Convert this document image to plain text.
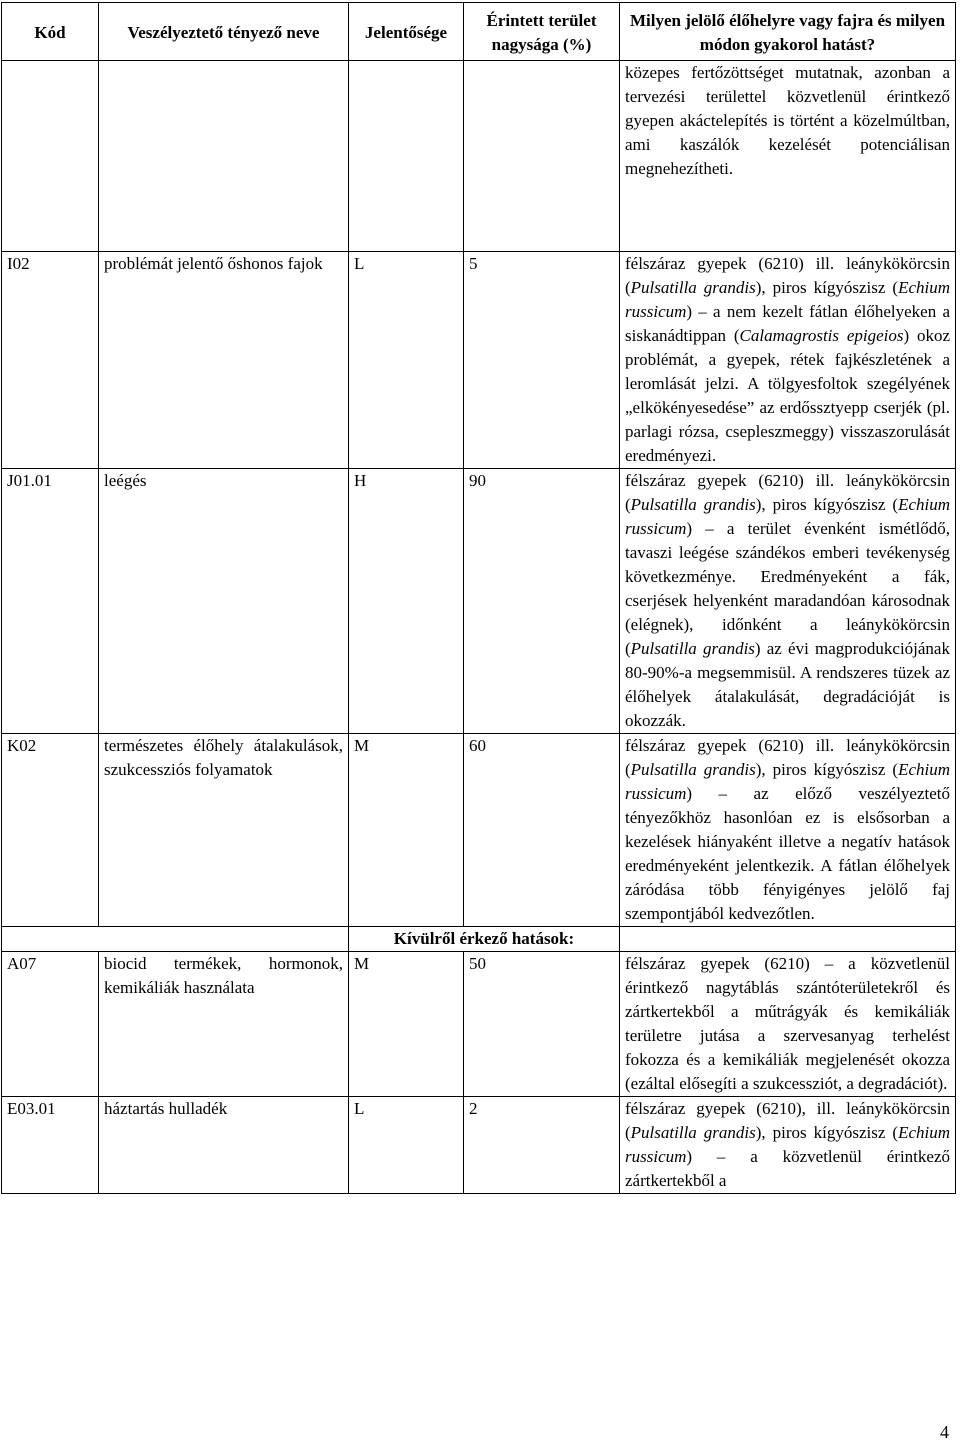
Kód	Veszélyeztető tényező neve	Jelentősége	Érintett terület nagysága (%)	Milyen jelölő élőhelyre vagy fajra és milyen módon gyakorol hatást?
				közepes fertőzöttséget mutatnak, azonban a tervezési területtel közvetlenül érintkező gyepen akáctelepítés is történt a közelmúltban, ami kaszálók kezelését potenciálisan megnehezítheti.
I02	problémát jelentő őshonos fajok	L	5	félszáraz gyepek (6210) ill. leánykökörcsin (Pulsatilla grandis), piros kígyószisz (Echium russicum) – a nem kezelt fátlan élőhelyeken a siskanádtippan (Calamagrostis epigeios) okoz problémát, a gyepek, rétek fajkészletének a leromlását jelzi. A tölgyesfoltok szegélyének „elkökényesedése” az erdőssztyepp cserjék (pl. parlagi rózsa, csepleszmeggy) visszaszorulását eredményezi.
J01.01	leégés	H	90	félszáraz gyepek (6210) ill. leánykökörcsin (Pulsatilla grandis), piros kígyószisz (Echium russicum) – a terület évenként ismétlődő, tavaszi leégése szándékos emberi tevékenység következménye. Eredményeként a fák, cserjések helyenként maradandóan károsodnak (elégnek), időnként a leánykökörcsin (Pulsatilla grandis) az évi magprodukciójának 80-90%-a megsemmisül. A rendszeres tüzek az élőhelyek átalakulását, degradációját is okozzák.
K02	természetes élőhely átalakulások, szukcessziós folyamatok	M	60	félszáraz gyepek (6210) ill. leánykökörcsin (Pulsatilla grandis), piros kígyószisz (Echium russicum) – az előző veszélyeztető tényezőkhöz hasonlóan ez is elsősorban a kezelések hiányaként illetve a negatív hatások eredményeként jelentkezik. A fátlan élőhelyek záródása több fényigényes jelölő faj szempontjából kedvezőtlen.
		Kívülről érkező hatások:		
A07	biocid termékek, hormonok, kemikáliák használata	M	50	félszáraz gyepek (6210) – a közvetlenül érintkező nagytáblás szántóterületekről és zártkertekből a műtrágyák és kemikáliák területre jutása a szervesanyag terhelést fokozza és a kemikáliák megjelenését okozza (ezáltal elősegíti a szukcessziót, a degradációt).
E03.01	háztartás hulladék	L	2	félszáraz gyepek (6210), ill. leánykökörcsin (Pulsatilla grandis), piros kígyószisz (Echium russicum) – a közvetlenül érintkező zártkertekből a
4
